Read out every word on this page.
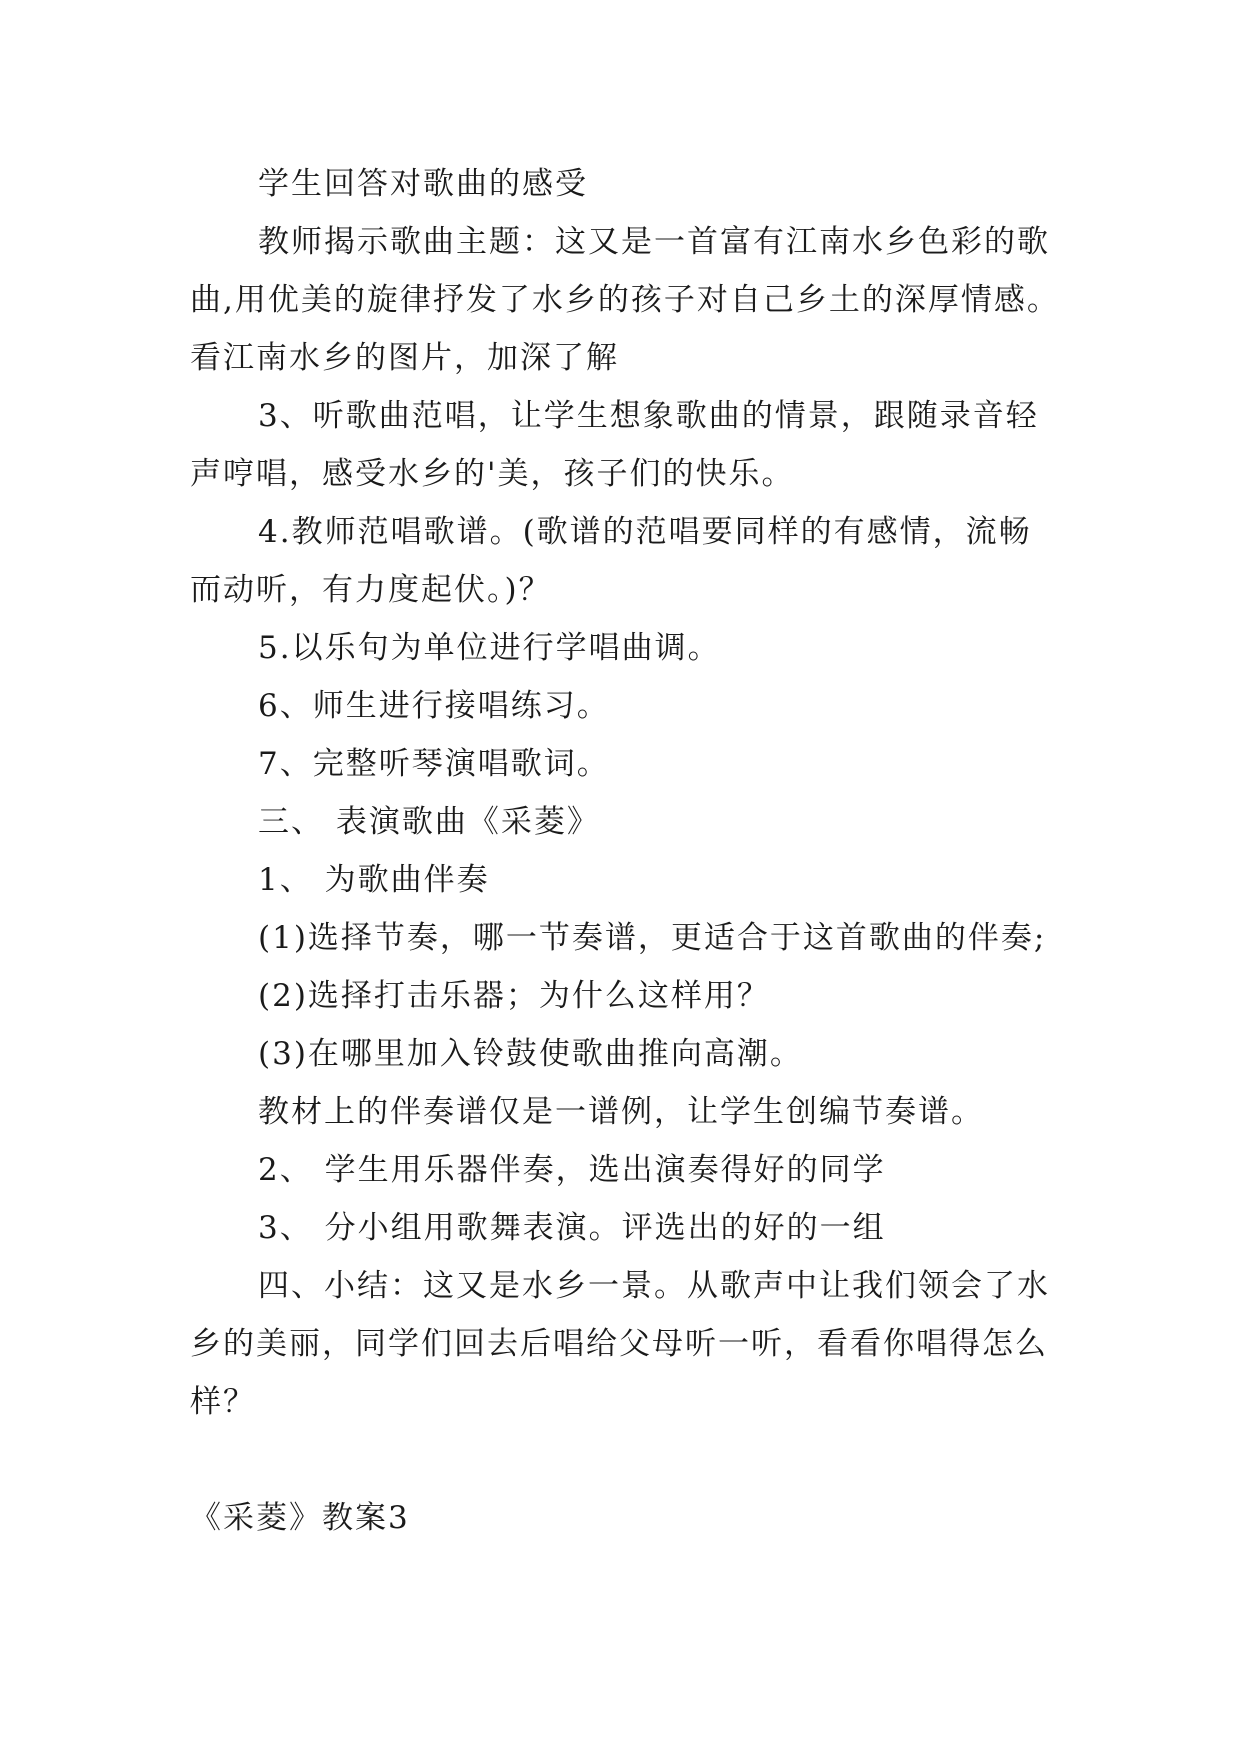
学生回答对歌曲的感受
教师揭示歌曲主题：这又是一首富有江南水乡色彩的歌
曲,用优美的旋律抒发了水乡的孩子对自己乡土的深厚情感。
看江南水乡的图片，加深了解
3、听歌曲范唱，让学生想象歌曲的情景，跟随录音轻
声哼唱，感受水乡的'美，孩子们的快乐。
4.教师范唱歌谱。(歌谱的范唱要同样的有感情，流畅
而动听，有力度起伏。)？
5.以乐句为单位进行学唱曲调。
6、师生进行接唱练习。
7、完整听琴演唱歌词。
三、 表演歌曲《采菱》
1、 为歌曲伴奏
(1)选择节奏，哪一节奏谱，更适合于这首歌曲的伴奏;
(2)选择打击乐器；为什么这样用？
(3)在哪里加入铃鼓使歌曲推向高潮。
教材上的伴奏谱仅是一谱例，让学生创编节奏谱。
2、 学生用乐器伴奏，选出演奏得好的同学
3、 分小组用歌舞表演。评选出的好的一组
四、小结：这又是水乡一景。从歌声中让我们领会了水
乡的美丽，同学们回去后唱给父母听一听，看看你唱得怎么
样？
《采菱》教案3
